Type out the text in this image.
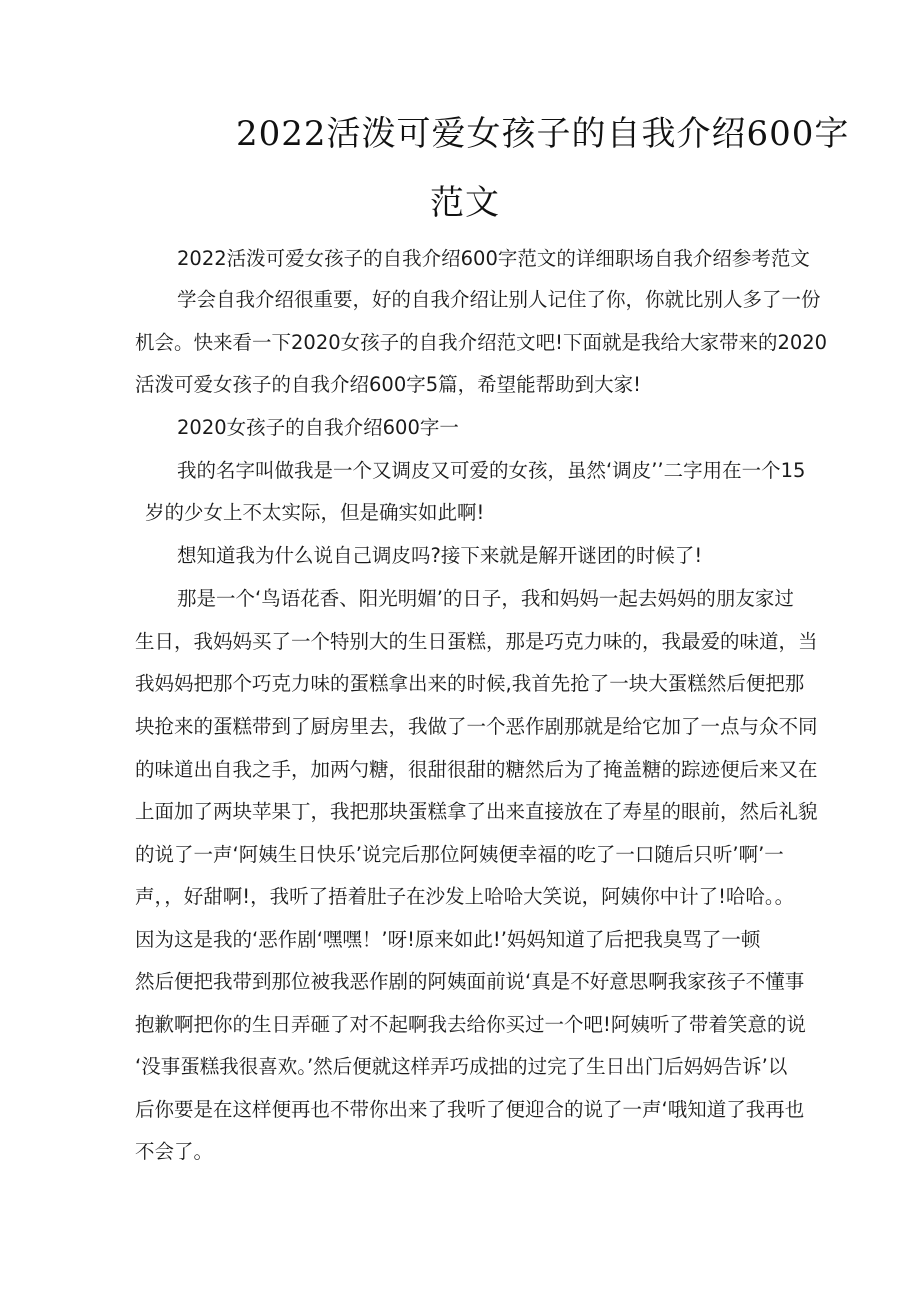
2022活泼可爱女孩子的自我介绍600字
范文
2022活泼可爱女孩子的自我介绍600字范文的详细职场自我介绍参考范文
学会自我介绍很重要，好的自我介绍让别人记住了你，你就比别人多了一份
机会。快来看一下2020女孩子的自我介绍范文吧!下面就是我给大家带来的2020
活泼可爱女孩子的自我介绍600字5篇，希望能帮助到大家!
2020女孩子的自我介绍600字一
我的名字叫做我是一个又调皮又可爱的女孩，虽然‘调皮’’二字用在一个15
岁的少女上不太实际，但是确实如此啊!
想知道我为什么说自己调皮吗?接下来就是解开谜团的时候了!
那是一个‘鸟语花香、阳光明媚’的日子，我和妈妈一起去妈妈的朋友家过
生日，我妈妈买了一个特别大的生日蛋糕，那是巧克力味的，我最爱的味道，当
我妈妈把那个巧克力味的蛋糕拿出来的时候,我首先抢了一块大蛋糕然后便把那
块抢来的蛋糕带到了厨房里去，我做了一个恶作剧那就是给它加了一点与众不同
的味道出自我之手，加两勺糖，很甜很甜的糖然后为了掩盖糖的踪迹便后来又在
上面加了两块苹果丁，我把那块蛋糕拿了出来直接放在了寿星的眼前，然后礼貌
的说了一声‘阿姨生日快乐’说完后那位阿姨便幸福的吃了一口随后只听’啊’一
声，，好甜啊!，我听了捂着肚子在沙发上哈哈大笑说，阿姨你中计了!哈哈。。
因为这是我的‘恶作剧‘嘿嘿！’呀!原来如此!’妈妈知道了后把我臭骂了一顿
然后便把我带到那位被我恶作剧的阿姨面前说‘真是不好意思啊我家孩子不懂事
抱歉啊把你的生日弄砸了对不起啊我去给你买过一个吧!阿姨听了带着笑意的说
‘没事蛋糕我很喜欢。’然后便就这样弄巧成拙的过完了生日出门后妈妈告诉’以
后你要是在这样便再也不带你出来了我听了便迎合的说了一声‘哦知道了我再也
不会了。
